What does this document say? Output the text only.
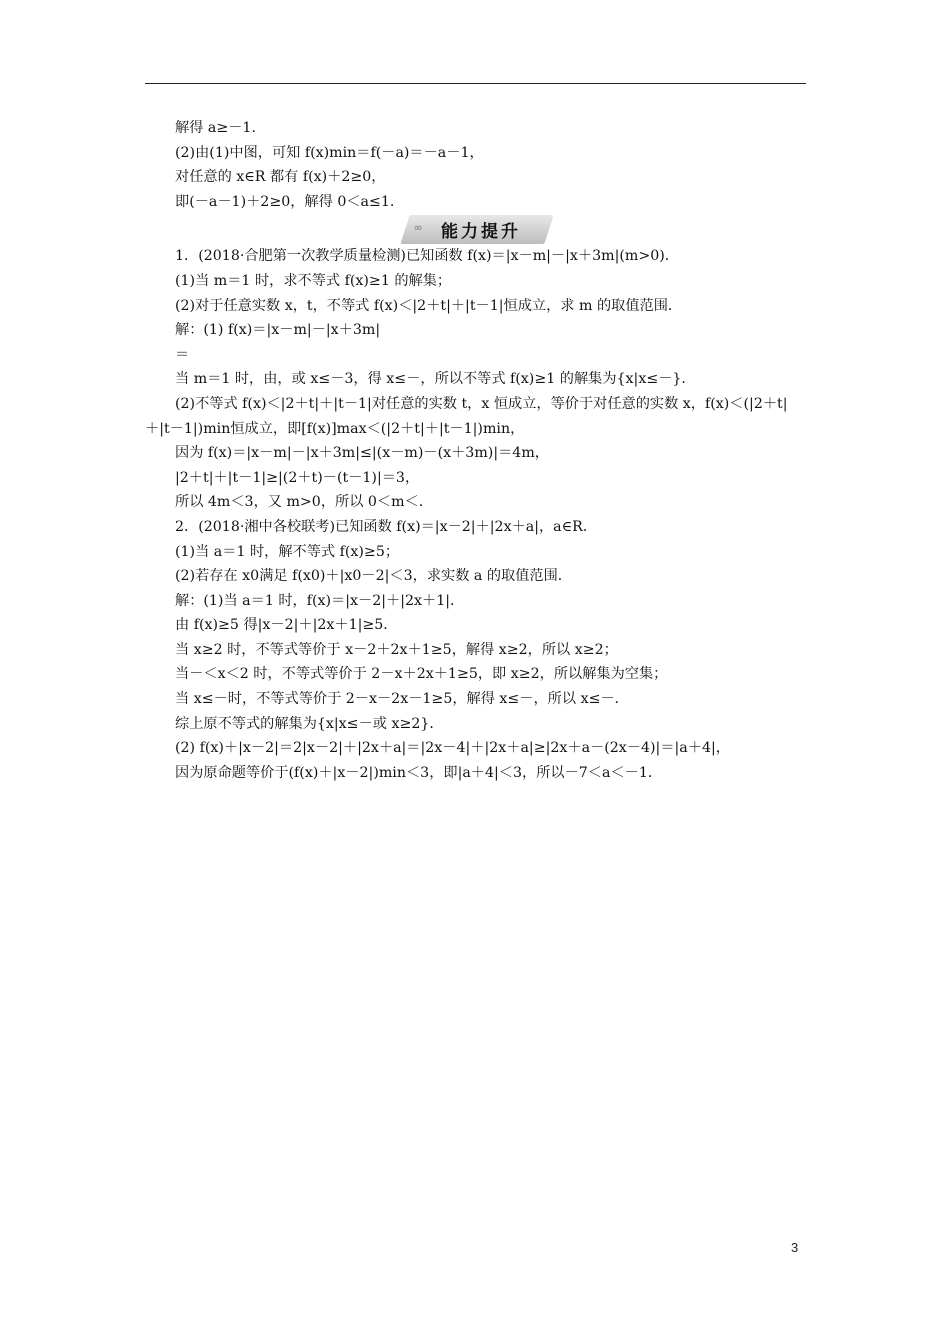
解得 a≥－1.
(2)由(1)中图，可知 f(x)min＝f(－a)＝－a－1，
对任意的 x∈R 都有 f(x)＋2≥0，
即(－a－1)＋2≥0，解得 0＜a≤1.
∞ 能力提升
1．(2018·合肥第一次教学质量检测)已知函数 f(x)＝|x－m|－|x＋3m|(m>0)．
(1)当 m＝1 时，求不等式 f(x)≥1 的解集；
(2)对于任意实数 x，t，不等式 f(x)＜|2＋t|＋|t－1|恒成立，求 m 的取值范围．
解：(1) f(x)＝|x－m|－|x＋3m|
＝
当 m＝1 时，由，或 x≤－3，得 x≤－，所以不等式 f(x)≥1 的解集为{x|x≤－}．
(2)不等式 f(x)＜|2＋t|＋|t－1|对任意的实数 t，x 恒成立，等价于对任意的实数 x，f(x)＜(|2＋t|＋|t－1|)min恒成立，即[f(x)]max＜(|2＋t|＋|t－1|)min，
因为 f(x)＝|x－m|－|x＋3m|≤|(x－m)－(x＋3m)|＝4m，
|2＋t|＋|t－1|≥|(2＋t)－(t－1)|＝3，
所以 4m＜3，又 m>0，所以 0＜m＜．
2．(2018·湘中各校联考)已知函数 f(x)＝|x－2|＋|2x＋a|，a∈R．
(1)当 a＝1 时，解不等式 f(x)≥5；
(2)若存在 x0满足 f(x0)＋|x0－2|＜3，求实数 a 的取值范围．
解：(1)当 a＝1 时，f(x)＝|x－2|＋|2x＋1|．
由 f(x)≥5 得|x－2|＋|2x＋1|≥5．
当 x≥2 时，不等式等价于 x－2＋2x＋1≥5，解得 x≥2，所以 x≥2；
当－＜x＜2 时，不等式等价于 2－x＋2x＋1≥5，即 x≥2，所以解集为空集；
当 x≤－时，不等式等价于 2－x－2x－1≥5，解得 x≤－，所以 x≤－．
综上原不等式的解集为{x|x≤－或 x≥2}．
(2) f(x)＋|x－2|＝2|x－2|＋|2x＋a|＝|2x－4|＋|2x＋a|≥|2x＋a－(2x－4)|＝|a＋4|，
因为原命题等价于(f(x)＋|x－2|)min＜3，即|a＋4|＜3，所以－7＜a＜－1．
3
